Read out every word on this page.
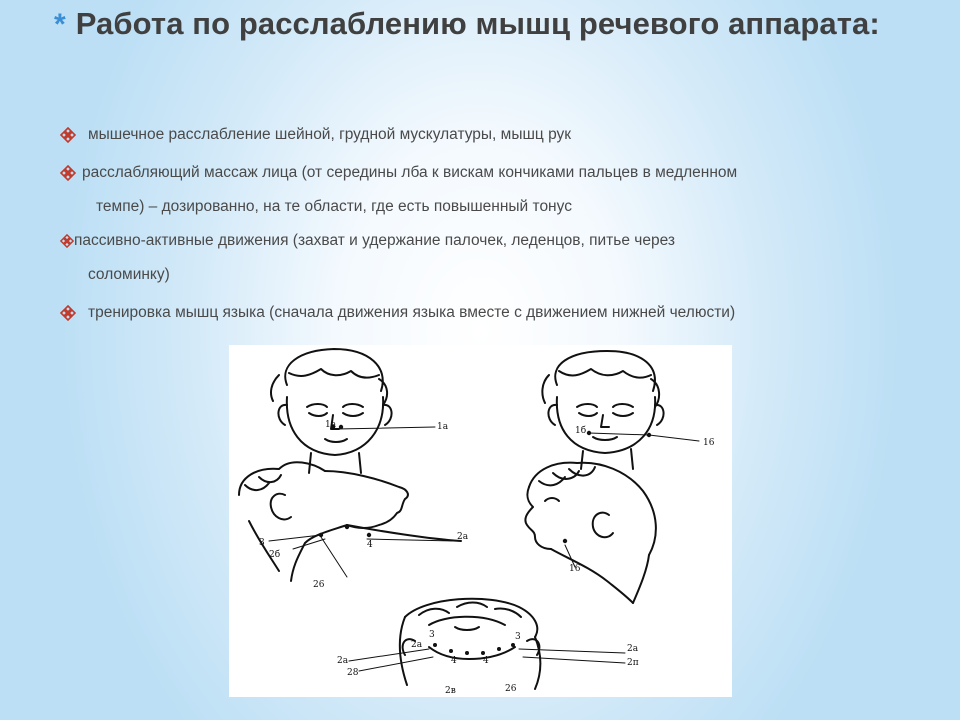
* Работа по расслаблению мышц речевого аппарата:
мышечное расслабление шейной, грудной мускулатуры, мышц рук
расслабляющий массаж лица (от середины лба к вискам кончиками пальцев в медленном
темпе) – дозированно, на те области, где есть повышенный тонус
пассивно-активные движения (захват и удержание палочек, леденцов, питье через
соломинку)
тренировка мышц языка (сначала движения языка вместе с движением нижней челюсти)
1а	1а	1б
16
3
2б
4
2а
26
16
3
2а
28
4	4
2в	26
3
2а
2п
2а
